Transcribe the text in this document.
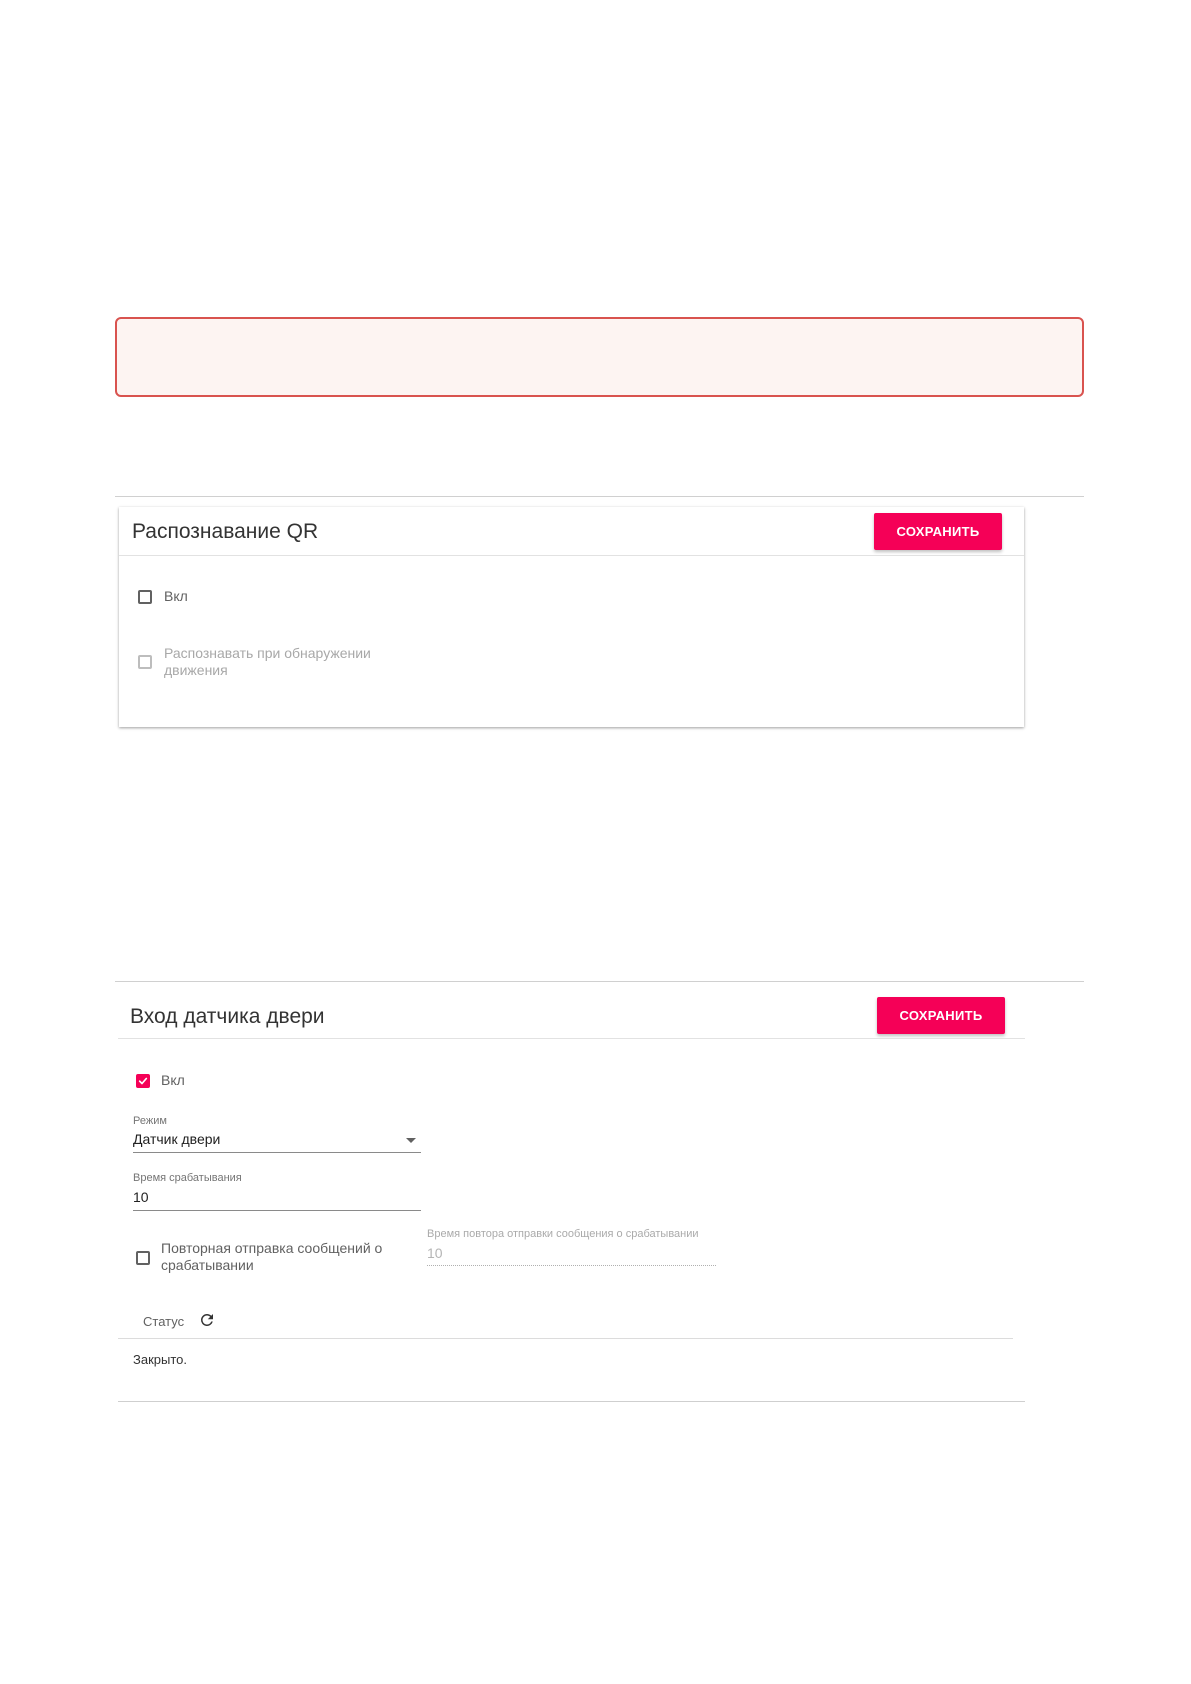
Распознавание QR	СОХРАНИТЬ
Вкл
Распознавать при обнаружении движения
Вход датчика двери	СОХРАНИТЬ
Вкл
Режим
Датчик двери
Время срабатывания
10
Повторная отправка сообщений о срабатывании
Время повтора отправки сообщения о срабатывании
10
Статус
Закрыто.
